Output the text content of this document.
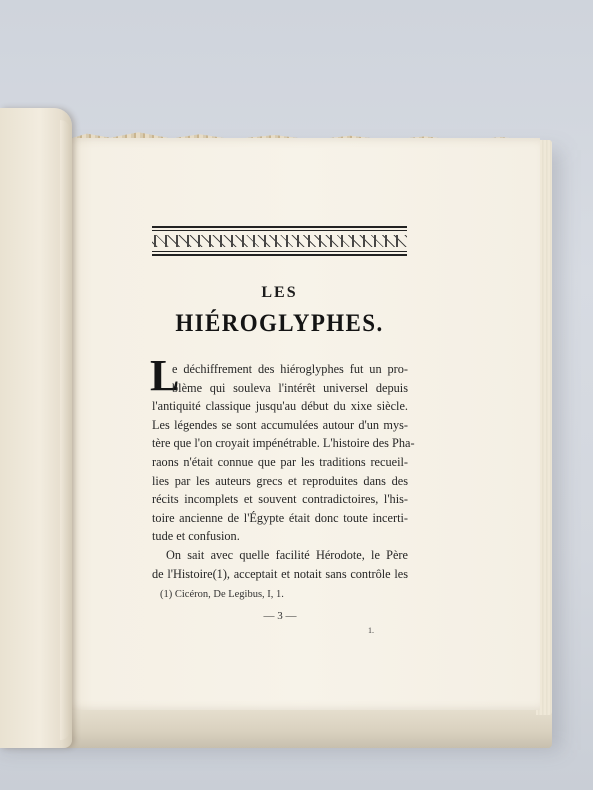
LES
HIÉROGLYPHES.
L
e déchiffrement des hiéroglyphes fut un pro-
blème qui souleva l'intérêt universel depuis
l'antiquité classique jusqu'au début du xixe siècle.
Les légendes se sont accumulées autour d'un mys-
tère que l'on croyait impénétrable. L'histoire des Pha-
raons n'était connue que par les traditions recueil-
lies par les auteurs grecs et reproduites dans des
récits incomplets et souvent contradictoires, l'his-
toire ancienne de l'Égypte était donc toute incerti-
tude et confusion.
On sait avec quelle facilité Hérodote, le Père
de l'Histoire(1), acceptait et notait sans contrôle les
(1) Cicéron, De Legibus, I, 1.
— 3 —
1.
